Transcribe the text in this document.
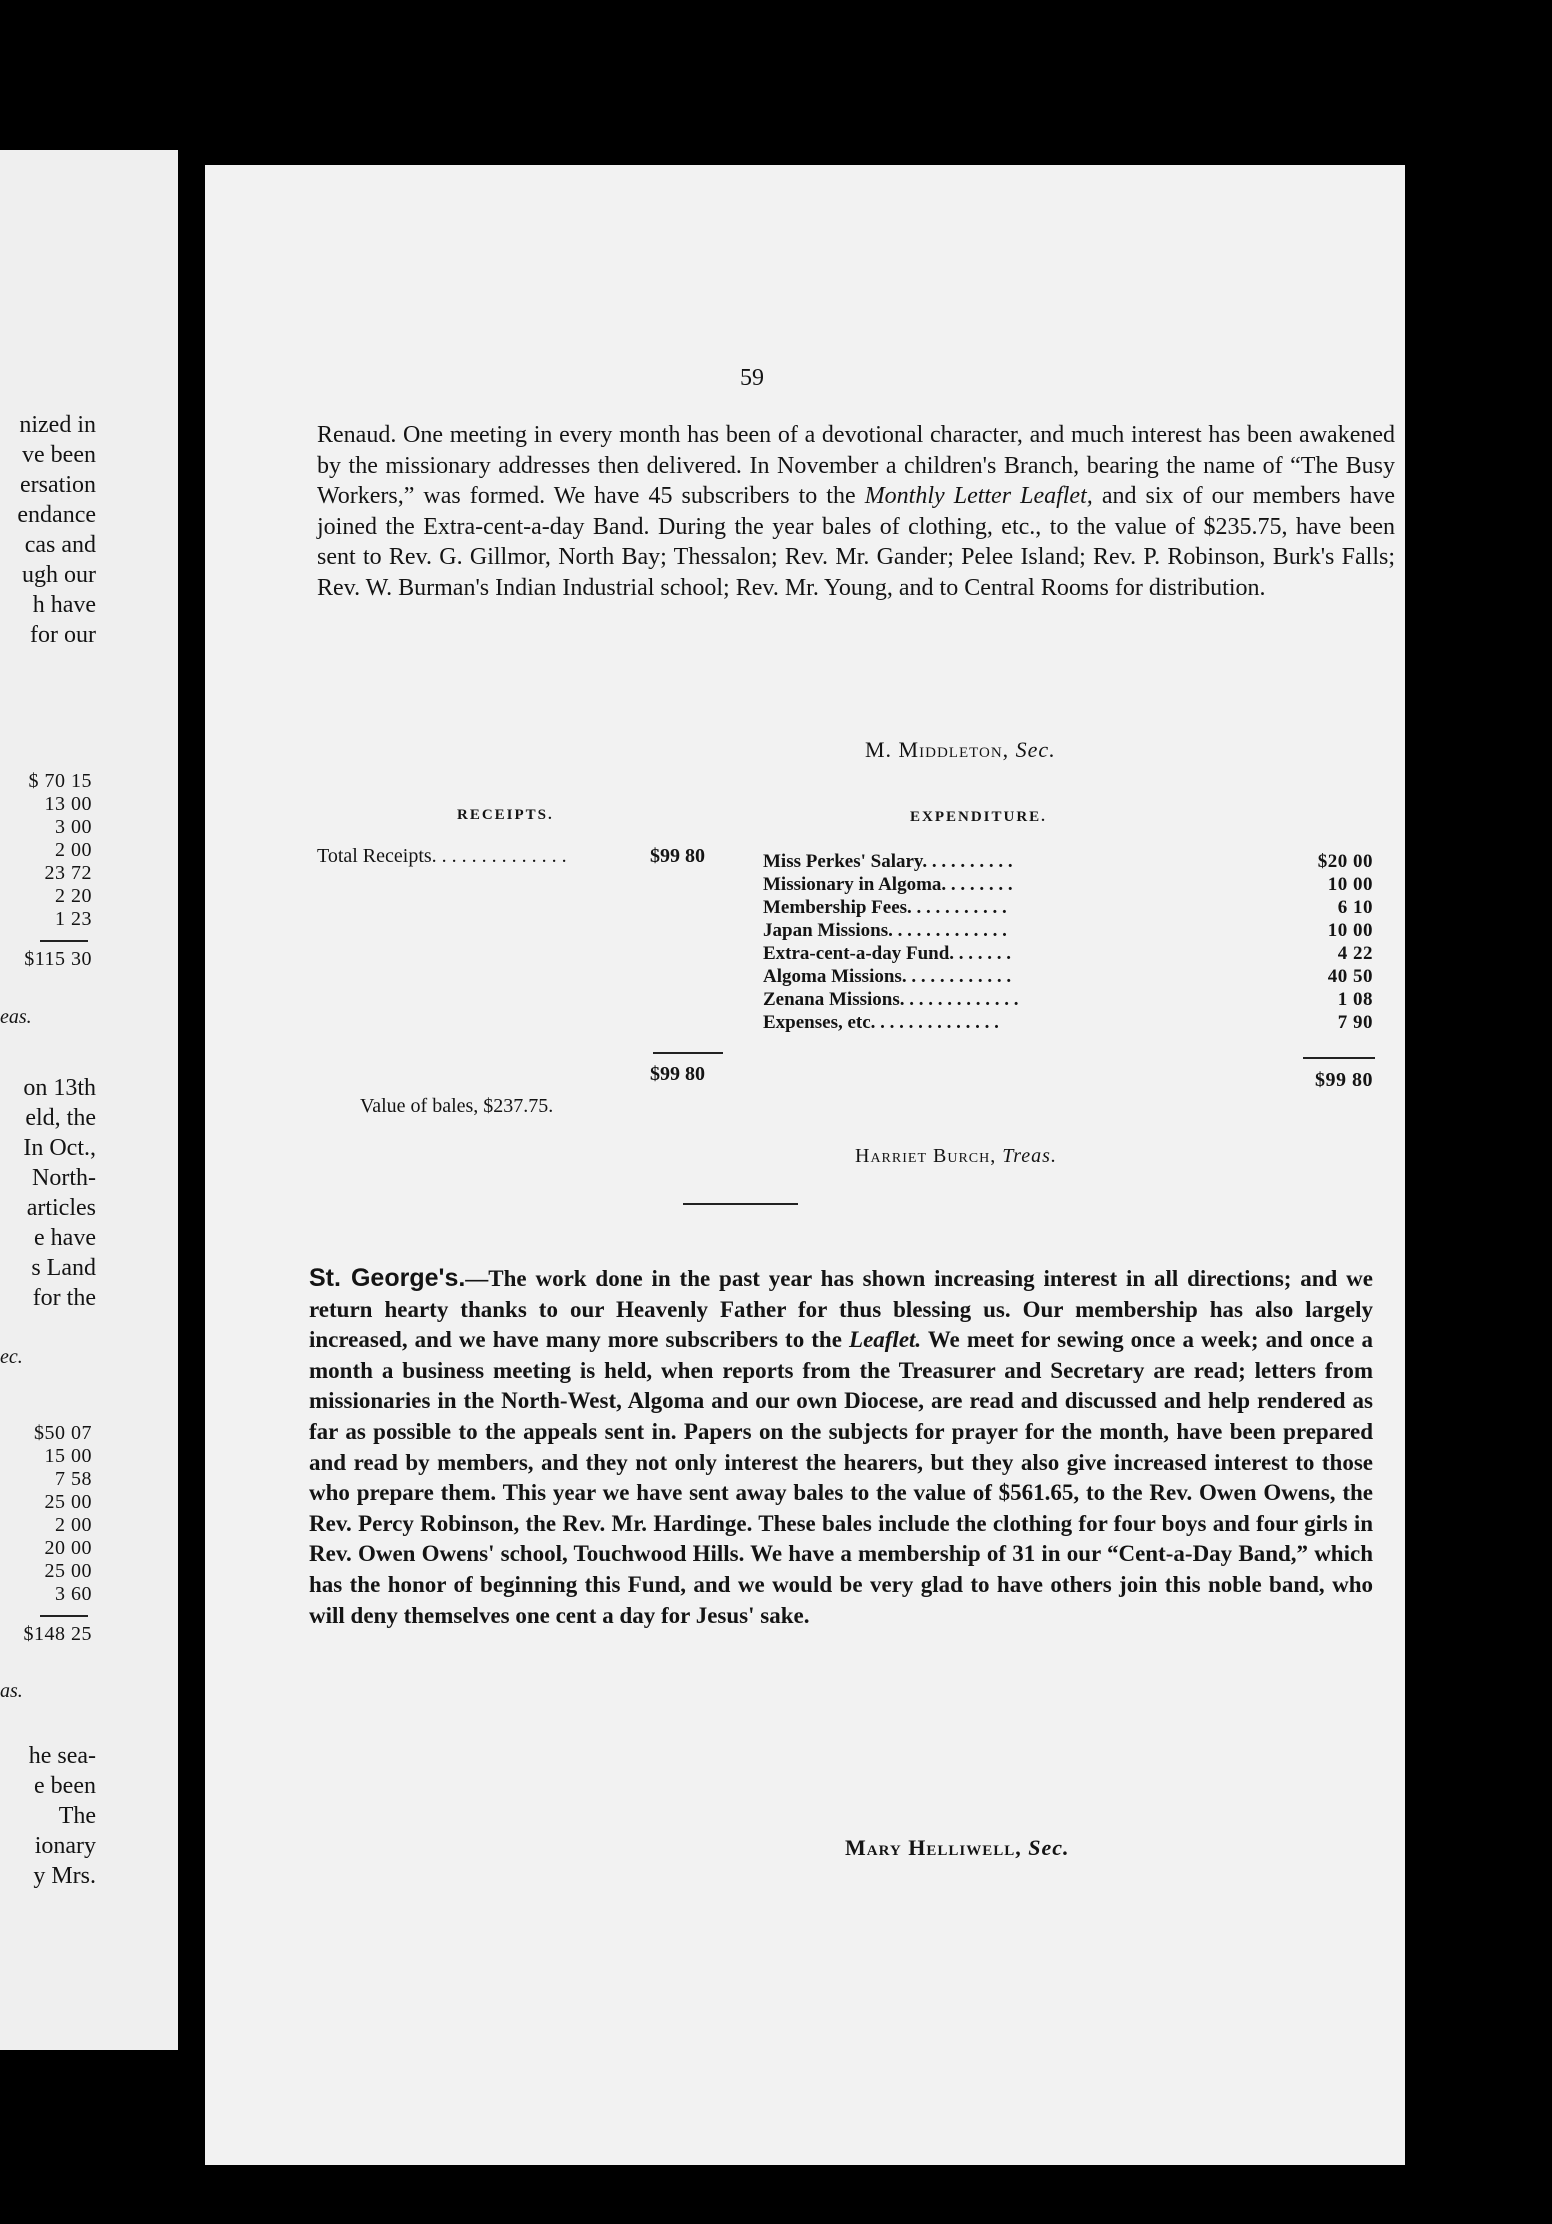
nized in
ve been
ersation
endance
cas and
ugh our
h have
for our
$ 70 15
13 00
3 00
2 00
23 72
2 20
1 23
$115 30
eas.
on 13th
eld, the
In Oct.,
North-
articles
e have
s Land
for the
ec.
$50 07
15 00
7 58
25 00
2 00
20 00
25 00
3 60
$148 25
as.
he sea-
e been
The
ionary
y Mrs.
59
Renaud. One meeting in every month has been of a devotional character, and much interest has been awakened by the missionary addresses then delivered. In November a children's Branch, bearing the name of “The Busy Workers,” was formed. We have 45 subscribers to the Monthly Letter Leaflet, and six of our members have joined the Extra-cent-a-day Band. During the year bales of clothing, etc., to the value of $235.75, have been sent to Rev. G. Gillmor, North Bay; Thessalon; Rev. Mr. Gander; Pelee Island; Rev. P. Robinson, Burk's Falls; Rev. W. Burman's Indian Industrial school; Rev. Mr. Young, and to Central Rooms for distribution.
M. Middleton, Sec.
RECEIPTS.	EXPENDITURE.
Total Receipts. . . . . . . . . . . . . .	$99 80	Miss Perkes' Salary. . . . . . . . . .	$20 00
Missionary in Algoma. . . . . . . .	10 00
Membership Fees. . . . . . . . . . .	6 10
Japan Missions. . . . . . . . . . . . .	10 00
Extra-cent-a-day Fund. . . . . . .	4 22
Algoma Missions. . . . . . . . . . . .	40 50
Zenana Missions. . . . . . . . . . . . .	1 08
Expenses, etc. . . . . . . . . . . . . .	7 90
$99 80	$99 80
Value of bales, $237.75.
Harriet Burch, Treas.
St. George's.—The work done in the past year has shown increasing interest in all directions; and we return hearty thanks to our Heavenly Father for thus blessing us. Our membership has also largely increased, and we have many more subscribers to the Leaflet. We meet for sewing once a week; and once a month a business meeting is held, when reports from the Treasurer and Secretary are read; letters from missionaries in the North-West, Algoma and our own Diocese, are read and discussed and help rendered as far as possible to the appeals sent in. Papers on the subjects for prayer for the month, have been prepared and read by members, and they not only interest the hearers, but they also give increased interest to those who prepare them. This year we have sent away bales to the value of $561.65, to the Rev. Owen Owens, the Rev. Percy Robinson, the Rev. Mr. Hardinge. These bales include the clothing for four boys and four girls in Rev. Owen Owens' school, Touchwood Hills. We have a membership of 31 in our “Cent-a-Day Band,” which has the honor of beginning this Fund, and we would be very glad to have others join this noble band, who will deny themselves one cent a day for Jesus' sake.
Mary Helliwell, Sec.
